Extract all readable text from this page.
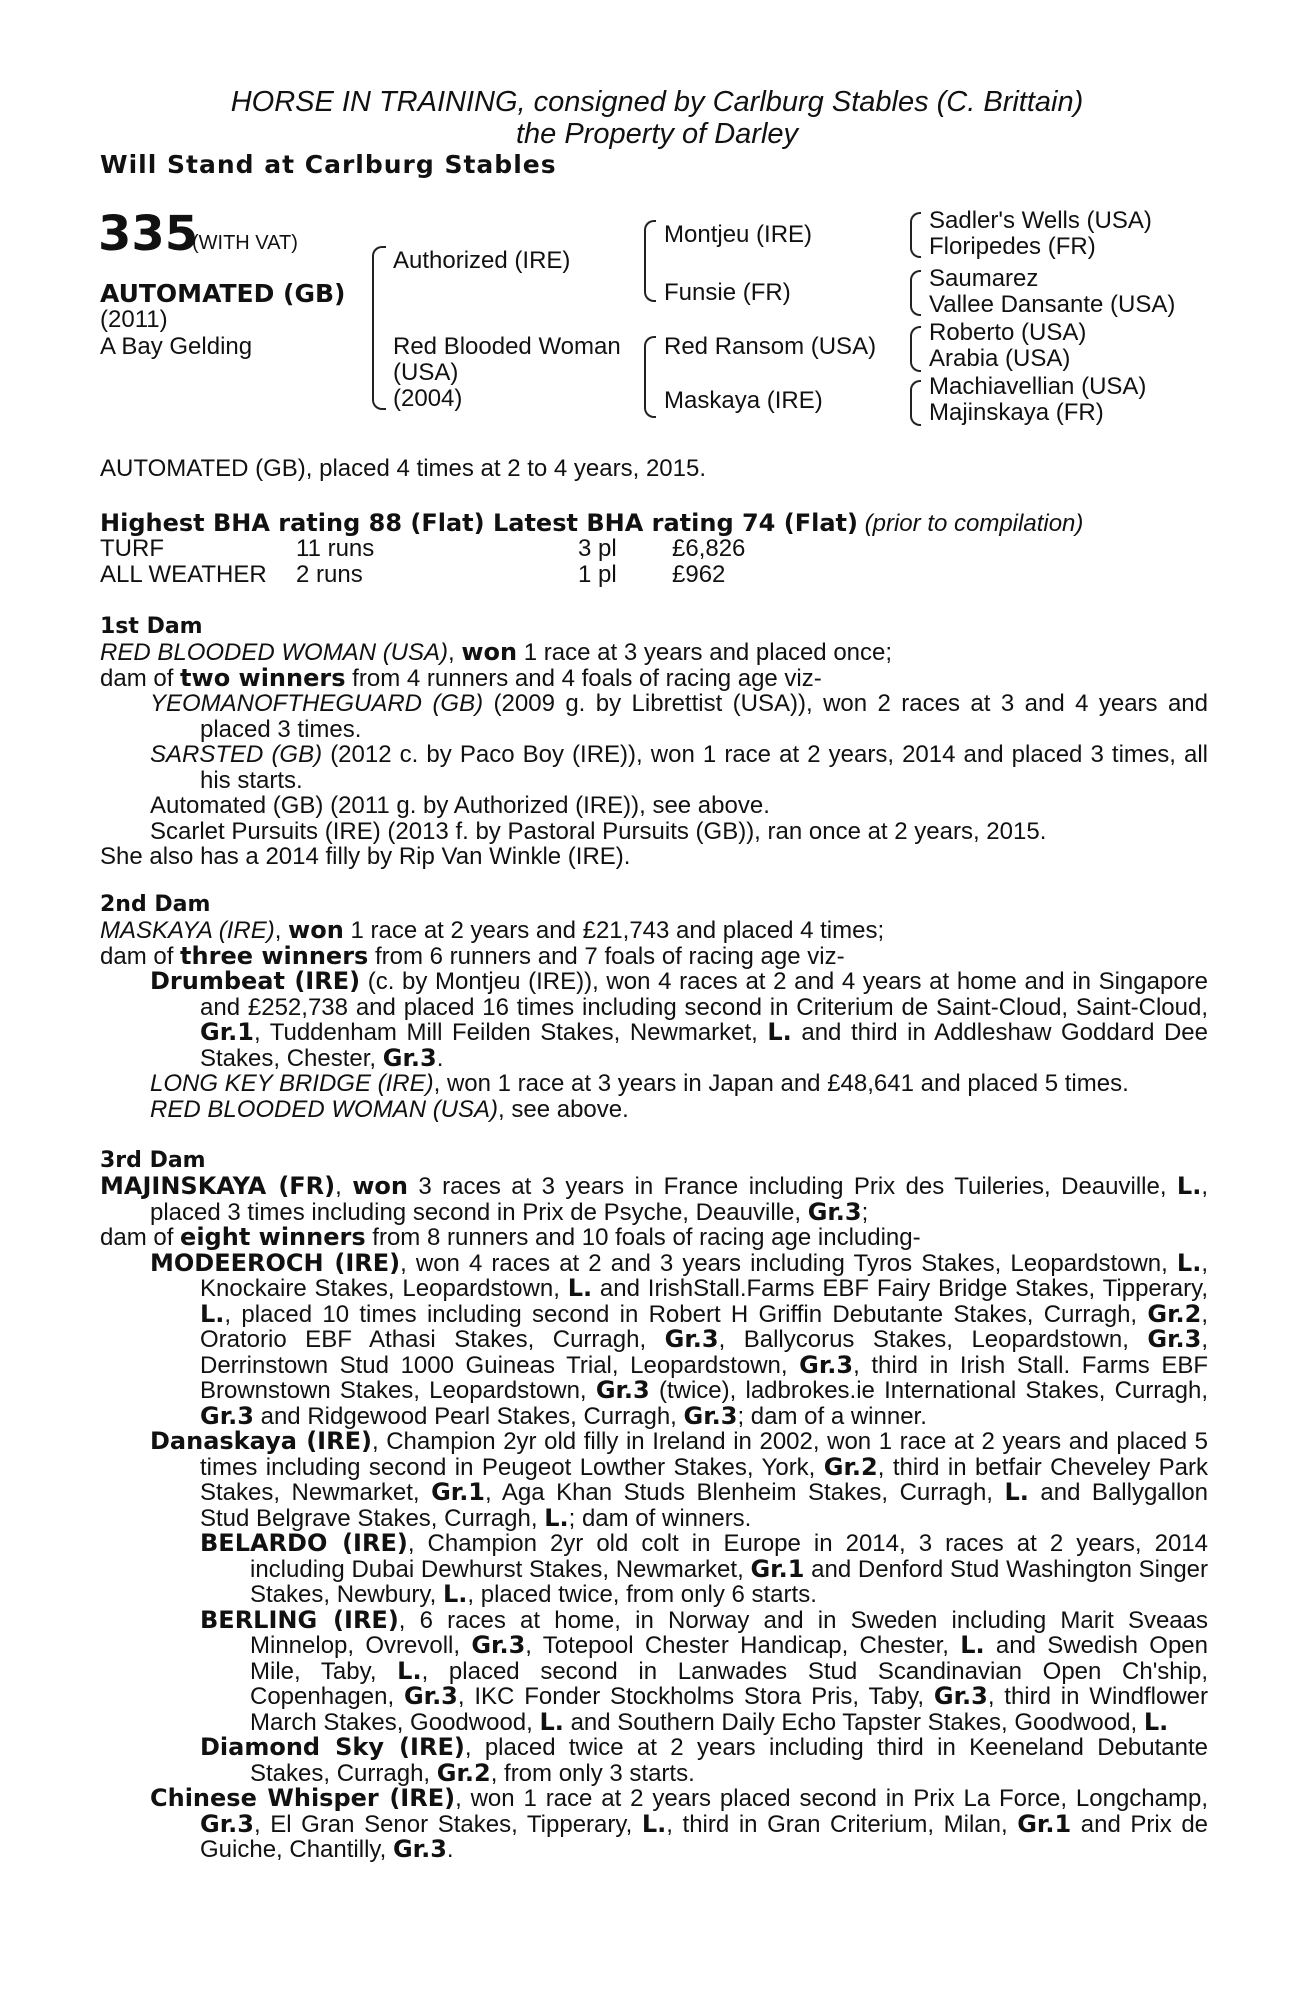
HORSE IN TRAINING, consigned by Carlburg Stables (C. Brittain)
the Property of Darley
Will Stand at Carlburg Stables
335
(WITH VAT)
AUTOMATED (GB)
(2011)
A Bay Gelding
Authorized (IRE)
Red Blooded Woman
(USA)
(2004)
Montjeu (IRE)
Funsie (FR)
Red Ransom (USA)
Maskaya (IRE)
Sadler's Wells (USA)
Floripedes (FR)
Saumarez
Vallee Dansante (USA)
Roberto (USA)
Arabia (USA)
Machiavellian (USA)
Majinskaya (FR)
AUTOMATED (GB), placed 4 times at 2 to 4 years, 2015.
Highest BHA rating 88 (Flat) Latest BHA rating 74 (Flat) (prior to compilation)
TURF	11 runs	3 pl £6,826
ALL WEATHER 2 runs	1 pl £962

1st Dam

RED BLOODED WOMAN (USA), won 1 race at 3 years and placed once;

dam of two winners from 4 runners and 4 foals of racing age viz-

YEOMANOFTHEGUARD (GB) (2009 g. by Librettist (USA)), won 2 races at 3 and 4 years and placed 3 times.

SARSTED (GB) (2012 c. by Paco Boy (IRE)), won 1 race at 2 years, 2014 and placed 3 times, all his starts.

Automated (GB) (2011 g. by Authorized (IRE)), see above.

Scarlet Pursuits (IRE) (2013 f. by Pastoral Pursuits (GB)), ran once at 2 years, 2015.

She also has a 2014 filly by Rip Van Winkle (IRE).

2nd Dam

MASKAYA (IRE), won 1 race at 2 years and £21,743 and placed 4 times;

dam of three winners from 6 runners and 7 foals of racing age viz-

Drumbeat (IRE) (c. by Montjeu (IRE)), won 4 races at 2 and 4 years at home and in Singapore and £252,738 and placed 16 times including second in Criterium de Saint-Cloud, Saint-Cloud, Gr.1, Tuddenham Mill Feilden Stakes, Newmarket, L. and third in Addleshaw Goddard Dee Stakes, Chester, Gr.3.

LONG KEY BRIDGE (IRE), won 1 race at 3 years in Japan and £48,641 and placed 5 times.

RED BLOODED WOMAN (USA), see above.

3rd Dam

MAJINSKAYA (FR), won 3 races at 3 years in France including Prix des Tuileries, Deauville, L., placed 3 times including second in Prix de Psyche, Deauville, Gr.3;

dam of eight winners from 8 runners and 10 foals of racing age including-

MODEEROCH (IRE), won 4 races at 2 and 3 years including Tyros Stakes, Leopardstown, L., Knockaire Stakes, Leopardstown, L. and IrishStall.Farms EBF Fairy Bridge Stakes, Tipperary, L., placed 10 times including second in Robert H Griffin Debutante Stakes, Curragh, Gr.2, Oratorio EBF Athasi Stakes, Curragh, Gr.3, Ballycorus Stakes, Leopardstown, Gr.3, Derrinstown Stud 1000 Guineas Trial, Leopardstown, Gr.3, third in Irish Stall. Farms EBF Brownstown Stakes, Leopardstown, Gr.3 (twice), ladbrokes.ie International Stakes, Curragh, Gr.3 and Ridgewood Pearl Stakes, Curragh, Gr.3; dam of a winner.

Danaskaya (IRE), Champion 2yr old filly in Ireland in 2002, won 1 race at 2 years and placed 5 times including second in Peugeot Lowther Stakes, York, Gr.2, third in betfair Cheveley Park Stakes, Newmarket, Gr.1, Aga Khan Studs Blenheim Stakes, Curragh, L. and Ballygallon Stud Belgrave Stakes, Curragh, L.; dam of winners.

BELARDO (IRE), Champion 2yr old colt in Europe in 2014, 3 races at 2 years, 2014 including Dubai Dewhurst Stakes, Newmarket, Gr.1 and Denford Stud Washington Singer Stakes, Newbury, L., placed twice, from only 6 starts.

BERLING (IRE), 6 races at home, in Norway and in Sweden including Marit Sveaas Minnelop, Ovrevoll, Gr.3, Totepool Chester Handicap, Chester, L. and Swedish Open Mile, Taby, L., placed second in Lanwades Stud Scandinavian Open Ch'ship, Copenhagen, Gr.3, IKC Fonder Stockholms Stora Pris, Taby, Gr.3, third in Windflower March Stakes, Goodwood, L. and Southern Daily Echo Tapster Stakes, Goodwood, L.

Diamond Sky (IRE), placed twice at 2 years including third in Keeneland Debutante Stakes, Curragh, Gr.2, from only 3 starts.

Chinese Whisper (IRE), won 1 race at 2 years placed second in Prix La Force, Longchamp, Gr.3, El Gran Senor Stakes, Tipperary, L., third in Gran Criterium, Milan, Gr.1 and Prix de Guiche, Chantilly, Gr.3.
